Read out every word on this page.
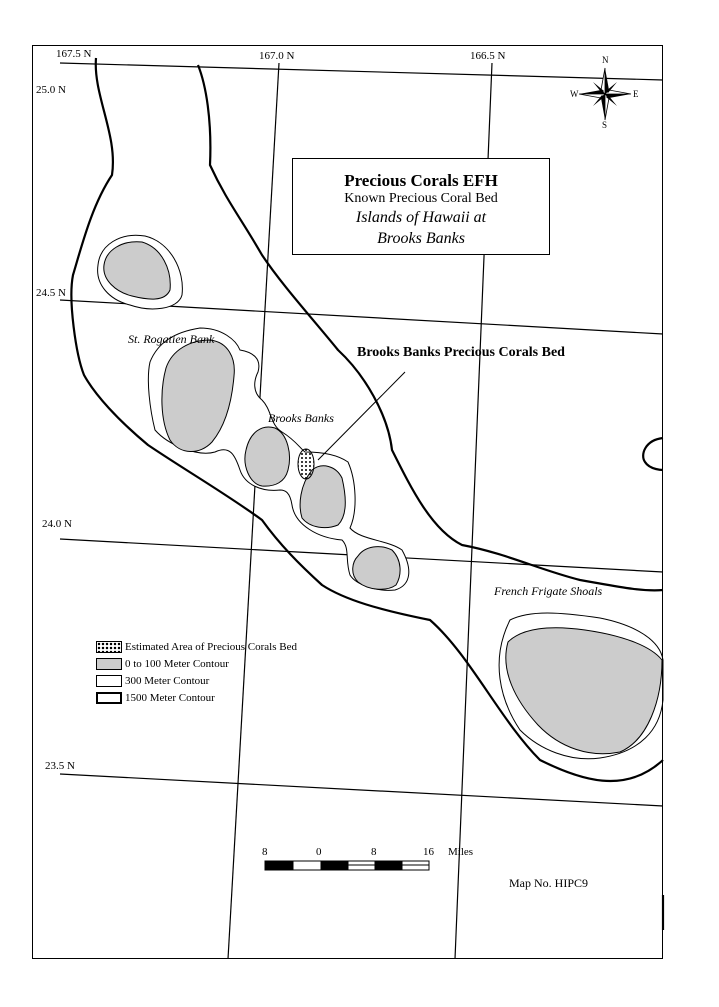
N
S
E
W
167.5 N	167.0 N	166.5 N
25.0 N
24.5 N
24.0 N
23.5 N
Precious Corals EFH
Known Precious Coral Bed
Islands of Hawaii at
Brooks Banks
Brooks Banks Precious Corals Bed
St. Rogatien Bank
Brooks Banks
French Frigate Shoals
Estimated Area of Precious Corals Bed
0 to 100 Meter Contour
300 Meter Contour
1500 Meter Contour
8	0	8	16 Miles
Map No. HIPC9
